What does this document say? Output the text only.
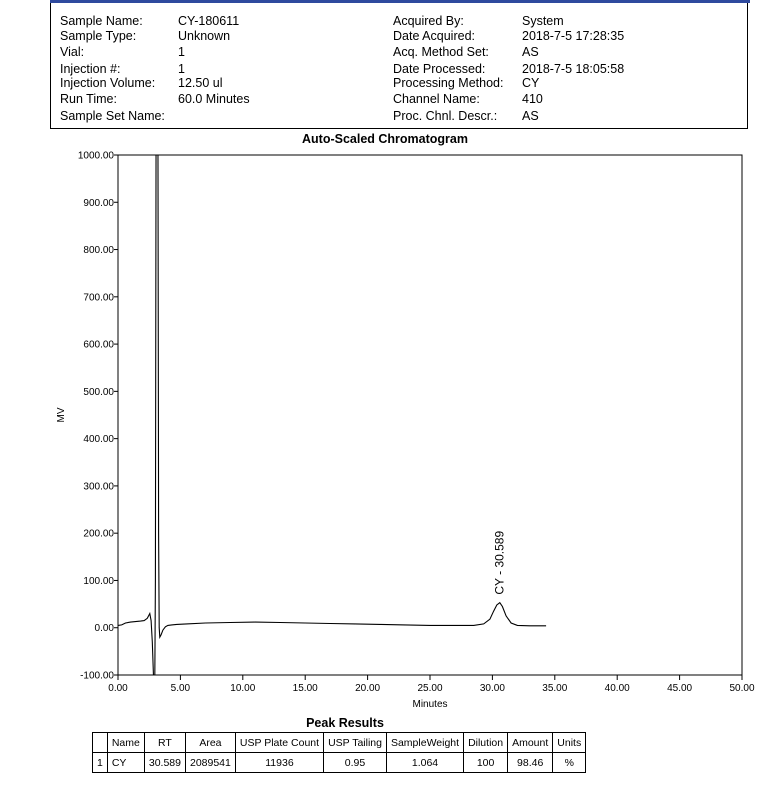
Sample Name:	CY-180611
Sample Type:	Unknown
Vial:	1
Injection #:	1
Injection Volume: 12.50 ul
Run Time:	60.0 Minutes
Sample Set Name:
Acquired By:	System
Date Acquired:	2018-7-5 17:28:35
Acq. Method Set:	AS
Date Processed:	2018-7-5 18:05:58
Processing Method: CY
Channel Name:	410
Proc. Chnl. Descr.: AS
Auto-Scaled Chromatogram
-100.00
0.00
100.00
200.00
300.00
400.00
500.00
600.00
700.00
800.00
900.00
1000.00
0.00	5.00	10.00	15.00	20.00	25.00	30.00	35.00	40.00	45.00	50.00
MV
Minutes
CY - 30.589
Peak Results
	Name	RT	Area	USP Plate Count	USP Tailing	SampleWeight	Dilution	Amount	Units
1	CY	30.589	2089541	11936	0.95	1.064	100	98.46	%
